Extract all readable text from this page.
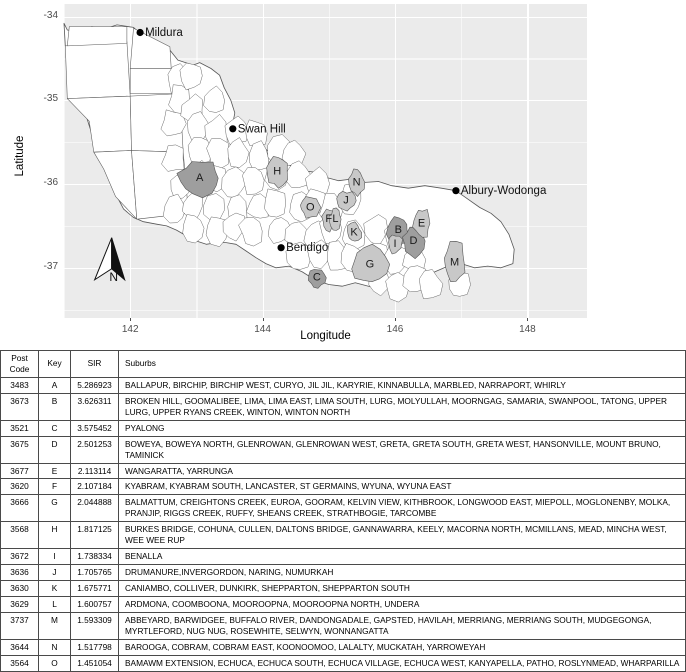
Latitude
-34
-35
-36
-37
142	144	146	148
Longitude
A
B
C
D
E
F
G
H
I
J
K
L
M
N
O
Mildura
Swan Hill
Bendigo
Albury-Wodonga
N
Post Code	Key	SIR	Suburbs
3483	A	5.286923	BALLAPUR, BIRCHIP, BIRCHIP WEST, CURYO, JIL JIL, KARYRIE, KINNABULLA, MARBLED, NARRAPORT, WHIRLY
3673	B	3.626311	BROKEN HILL, GOOMALIBEE, LIMA, LIMA EAST, LIMA SOUTH, LURG, MOLYULLAH, MOORNGAG, SAMARIA, SWANPOOL, TATONG, UPPER LURG, UPPER RYANS CREEK, WINTON, WINTON NORTH
3521	C	3.575452	PYALONG
3675	D	2.501253	BOWEYA, BOWEYA NORTH, GLENROWAN, GLENROWAN WEST, GRETA, GRETA SOUTH, GRETA WEST, HANSONVILLE, MOUNT BRUNO, TAMINICK
3677	E	2.113114	WANGARATTA, YARRUNGA
3620	F	2.107184	KYABRAM, KYABRAM SOUTH, LANCASTER, ST GERMAINS, WYUNA, WYUNA EAST
3666	G	2.044888	BALMATTUM, CREIGHTONS CREEK, EUROA, GOORAM, KELVIN VIEW, KITHBROOK, LONGWOOD EAST, MIEPOLL, MOGLONENBY, MOLKA, PRANJIP, RIGGS CREEK, RUFFY, SHEANS CREEK, STRATHBOGIE, TARCOMBE
3568	H	1.817125	BURKES BRIDGE, COHUNA, CULLEN, DALTONS BRIDGE, GANNAWARRA, KEELY, MACORNA NORTH, MCMILLANS, MEAD, MINCHA WEST, WEE WEE RUP
3672	I	1.738334	BENALLA
3636	J	1.705765	DRUMANURE,INVERGORDON, NARING, NUMURKAH
3630	K	1.675771	CANIAMBO, COLLIVER, DUNKIRK, SHEPPARTON, SHEPPARTON SOUTH
3629	L	1.600757	ARDMONA, COOMBOONA, MOOROOPNA, MOOROOPNA NORTH, UNDERA
3737	M	1.593309	ABBEYARD, BARWIDGEE, BUFFALO RIVER, DANDONGADALE, GAPSTED, HAVILAH, MERRIANG, MERRIANG SOUTH, MUDGEGONGA, MYRTLEFORD, NUG NUG, ROSEWHITE, SELWYN, WONNANGATTA
3644	N	1.517798	BAROOGA, COBRAM, COBRAM EAST, KOONOOMOO, LALALTY, MUCKATAH, YARROWEYAH
3564	O	1.451054	BAMAWM EXTENSION, ECHUCA, ECHUCA SOUTH, ECHUCA VILLAGE, ECHUCA WEST, KANYAPELLA, PATHO, ROSLYNMEAD, WHARPARILLA
